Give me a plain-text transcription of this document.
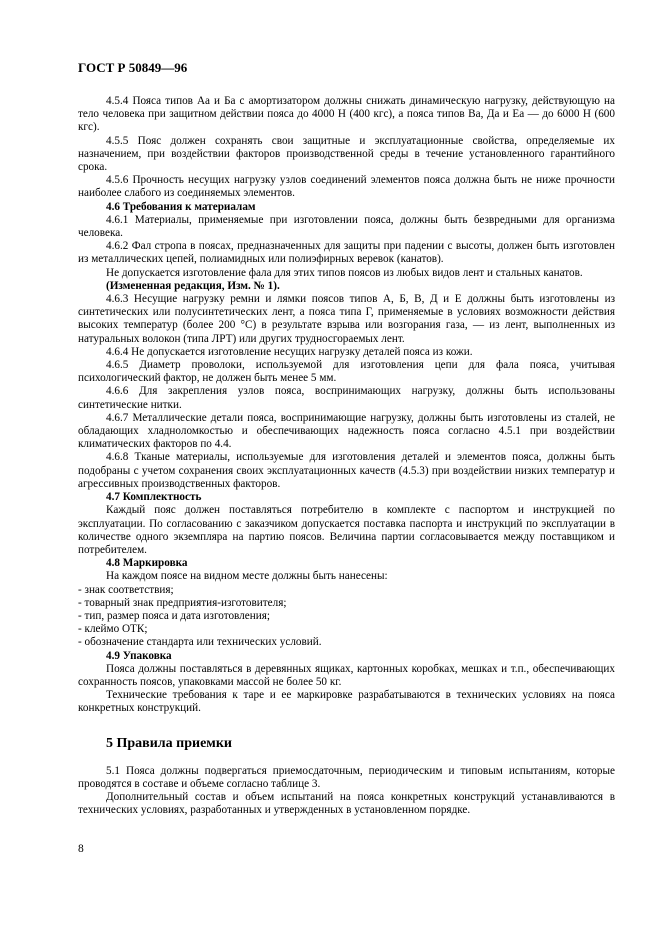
ГОСТ Р 50849—96

4.5.4 Пояса типов Аа и Ба с амортизатором должны снижать динамическую нагрузку, действующую на тело человека при защитном действии пояса до 4000 Н (400 кгс), а пояса типов Ва, Да и Еа — до 6000 Н (600 кгс).

4.5.5 Пояс должен сохранять свои защитные и эксплуатационные свойства, определяемые их назначением, при воздействии факторов производственной среды в течение установленного гарантийного срока.

4.5.6 Прочность несущих нагрузку узлов соединений элементов пояса должна быть не ниже прочности наиболее слабого из соединяемых элементов.

4.6 Требования к материалам

4.6.1 Материалы, применяемые при изготовлении пояса, должны быть безвредными для организма человека.

4.6.2 Фал стропа в поясах, предназначенных для защиты при падении с высоты, должен быть изготовлен из металлических цепей, полиамидных или полиэфирных веревок (канатов).

Не допускается изготовление фала для этих типов поясов из любых видов лент и стальных канатов.

(Измененная редакция, Изм. № 1).

4.6.3 Несущие нагрузку ремни и лямки поясов типов А, Б, В, Д и Е должны быть изготовлены из синтетических или полусинтетических лент, а пояса типа Г, применяемые в условиях возможности действия высоких температур (более 200 °С) в результате взрыва или возгорания газа, — из лент, выполненных из натуральных волокон (типа ЛРТ) или других трудносгораемых лент.

4.6.4 Не допускается изготовление несущих нагрузку деталей пояса из кожи.

4.6.5 Диаметр проволоки, используемой для изготовления цепи для фала пояса, учитывая психологический фактор, не должен быть менее 5 мм.

4.6.6 Для закрепления узлов пояса, воспринимающих нагрузку, должны быть использованы синтетические нитки.

4.6.7 Металлические детали пояса, воспринимающие нагрузку, должны быть изготовлены из сталей, не обладающих хладноломкостью и обеспечивающих надежность пояса согласно 4.5.1 при воздействии климатических факторов по 4.4.

4.6.8 Тканые материалы, используемые для изготовления деталей и элементов пояса, должны быть подобраны с учетом сохранения своих эксплуатационных качеств (4.5.3) при воздействии низких температур и агрессивных производственных факторов.

4.7 Комплектность

Каждый пояс должен поставляться потребителю в комплекте с паспортом и инструкцией по эксплуатации. По согласованию с заказчиком допускается поставка паспорта и инструкций по эксплуатации в количестве одного экземпляра на партию поясов. Величина партии согласовывается между поставщиком и потребителем.

4.8 Маркировка

На каждом поясе на видном месте должны быть нанесены:

- знак соответствия;

- товарный знак предприятия-изготовителя;

- тип, размер пояса и дата изготовления;

- клеймо ОТК;

- обозначение стандарта или технических условий.

4.9 Упаковка

Пояса должны поставляться в деревянных ящиках, картонных коробках, мешках и т.п., обеспечивающих сохранность поясов, упаковками массой не более 50 кг.

Технические требования к таре и ее маркировке разрабатываются в технических условиях на пояса конкретных конструкций.

5 Правила приемки

5.1 Пояса должны подвергаться приемосдаточным, периодическим и типовым испытаниям, которые проводятся в составе и объеме согласно таблице 3.

Дополнительный состав и объем испытаний на пояса конкретных конструкций устанавливаются в технических условиях, разработанных и утвержденных в установленном порядке.

8
